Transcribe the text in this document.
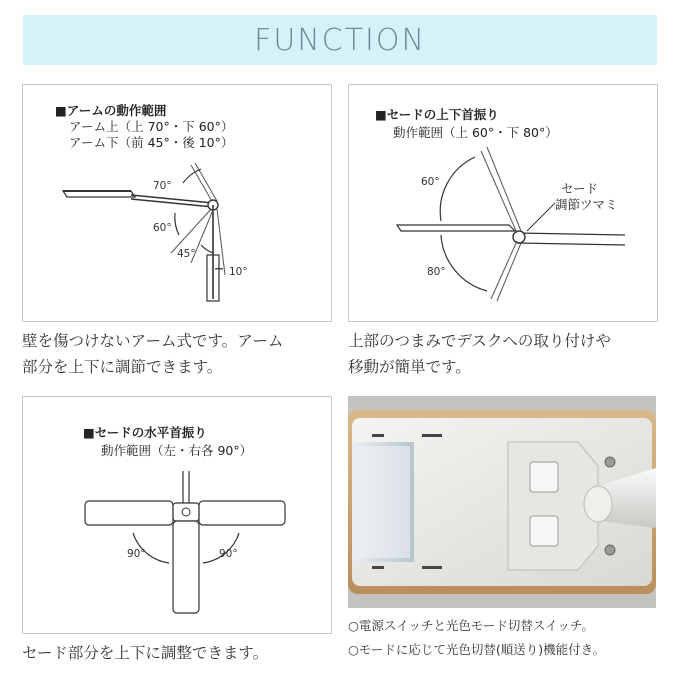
FUNCTION
■アームの動作範囲
アーム上（上 70°・下 60°）
アーム下（前 45°・後 10°）
70°
60°
45°
10°
壁を傷つけないアーム式です。アーム
部分を上下に調節できます。
■セードの上下首振り
動作範囲（上 60°・下 80°）
60°
80°
セード
調節ツマミ
上部のつまみでデスクへの取り付けや
移動が簡単です。
■セードの水平首振り
動作範囲（左・右各 90°）
90°	90°
セード部分を上下に調整できます。
○電源スイッチと光色モード切替スイッチ。
○モードに応じて光色切替(順送り)機能付き。
